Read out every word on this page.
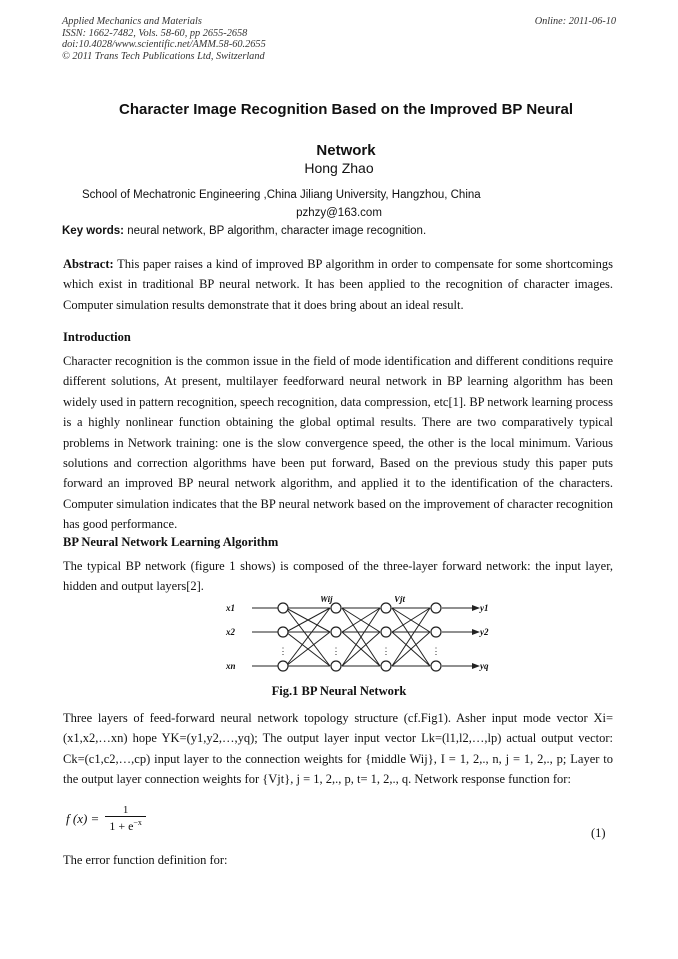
Applied Mechanics and Materials
ISSN: 1662-7482, Vols. 58-60, pp 2655-2658
doi:10.4028/www.scientific.net/AMM.58-60.2655
© 2011 Trans Tech Publications Ltd, Switzerland
Online: 2011-06-10
Character Image Recognition Based on the Improved BP Neural
Network
Hong Zhao
School of Mechatronic Engineering ,China Jiliang University, Hangzhou, China
pzhzy@163.com
Key words: neural network, BP algorithm, character image recognition.
Abstract: This paper raises a kind of improved BP algorithm in order to compensate for some shortcomings which exist in traditional BP neural network. It has been applied to the recognition of character images. Computer simulation results demonstrate that it does bring about an ideal result.
Introduction
Character recognition is the common issue in the field of mode identification and different conditions require different solutions, At present, multilayer feedforward neural network in BP learning algorithm has been widely used in pattern recognition, speech recognition, data compression, etc[1]. BP network learning process is a highly nonlinear function obtaining the global optimal results. There are two comparatively typical problems in Network training: one is the slow convergence speed, the other is the local minimum. Various solutions and correction algorithms have been put forward, Based on the previous study this paper puts forward an improved BP neural network algorithm, and applied it to the identification of the characters. Computer simulation indicates that the BP neural network based on the improvement of character recognition has good performance.
BP Neural Network Learning Algorithm
The typical BP network (figure 1 shows) is composed of the three-layer forward network: the input layer, hidden and output layers[2].
⋮	⋮	⋮	⋮
x1
x2
xn
Wij	Vjt
y1
y2
yq
Fig.1 BP Neural Network
Three layers of feed-forward neural network topology structure (cf.Fig1). Asher input mode vector Xi=(x1,x2,…xn) hope YK=(y1,y2,…,yq); The output layer input vector Lk=(l1,l2,…,lp) actual output vector: Ck=(c1,c2,…,cp) input layer to the connection weights for {middle Wij}, I = 1, 2,., n, j = 1, 2,., p; Layer to the output layer connection weights for {Vjt}, j = 1, 2,., p, t= 1, 2,., q. Network response function for:
f $(x) = \frac{1}{1 + e^{-x}}$	(1)
The error function definition for:
